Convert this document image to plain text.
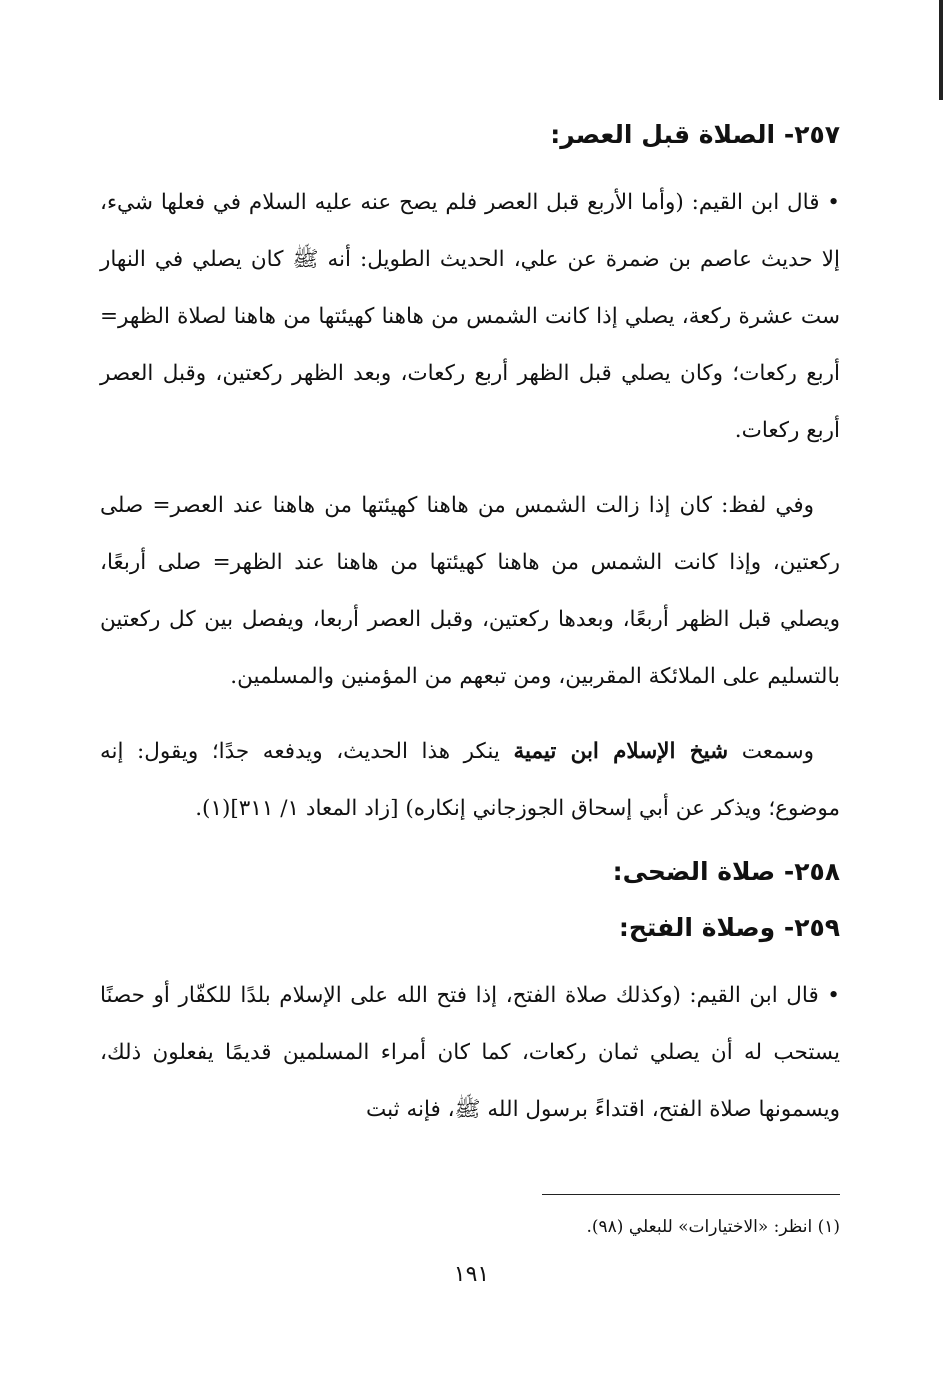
٢٥٧- الصلاة قبل العصر:

• قال ابن القيم: (وأما الأربع قبل العصر فلم يصح عنه عليه السلام في فعلها شيء، إلا حديث عاصم بن ضمرة عن علي، الحديث الطويل: أنه ﷺ كان يصلي في النهار ست عشرة ركعة، يصلي إذا كانت الشمس من هاهنا كهيئتها من هاهنا لصلاة الظهر= أربع ركعات؛ وكان يصلي قبل الظهر أربع ركعات، وبعد الظهر ركعتين، وقبل العصر أربع ركعات.

وفي لفظ: كان إذا زالت الشمس من هاهنا كهيئتها من هاهنا عند العصر= صلى ركعتين، وإذا كانت الشمس من هاهنا كهيئتها من هاهنا عند الظهر= صلى أربعًا، ويصلي قبل الظهر أربعًا، وبعدها ركعتين، وقبل العصر أربعا، ويفصل بين كل ركعتين بالتسليم على الملائكة المقربين، ومن تبعهم من المؤمنين والمسلمين.

وسمعت شيخ الإسلام ابن تيمية ينكر هذا الحديث، ويدفعه جدًا؛ ويقول: إنه موضوع؛ ويذكر عن أبي إسحاق الجوزجاني إنكاره) [زاد المعاد ١/ ٣١١](١).

٢٥٨- صلاة الضحى:
٢٥٩- وصلاة الفتح:

• قال ابن القيم: (وكذلك صلاة الفتح، إذا فتح الله على الإسلام بلدًا للكفّار أو حصنًا يستحب له أن يصلي ثمان ركعات، كما كان أمراء المسلمين قديمًا يفعلون ذلك، ويسمونها صلاة الفتح، اقتداءً برسول الله ﷺ، فإنه ثبت

(١) انظر: «الاختيارات» للبعلي (٩٨).
١٩١
